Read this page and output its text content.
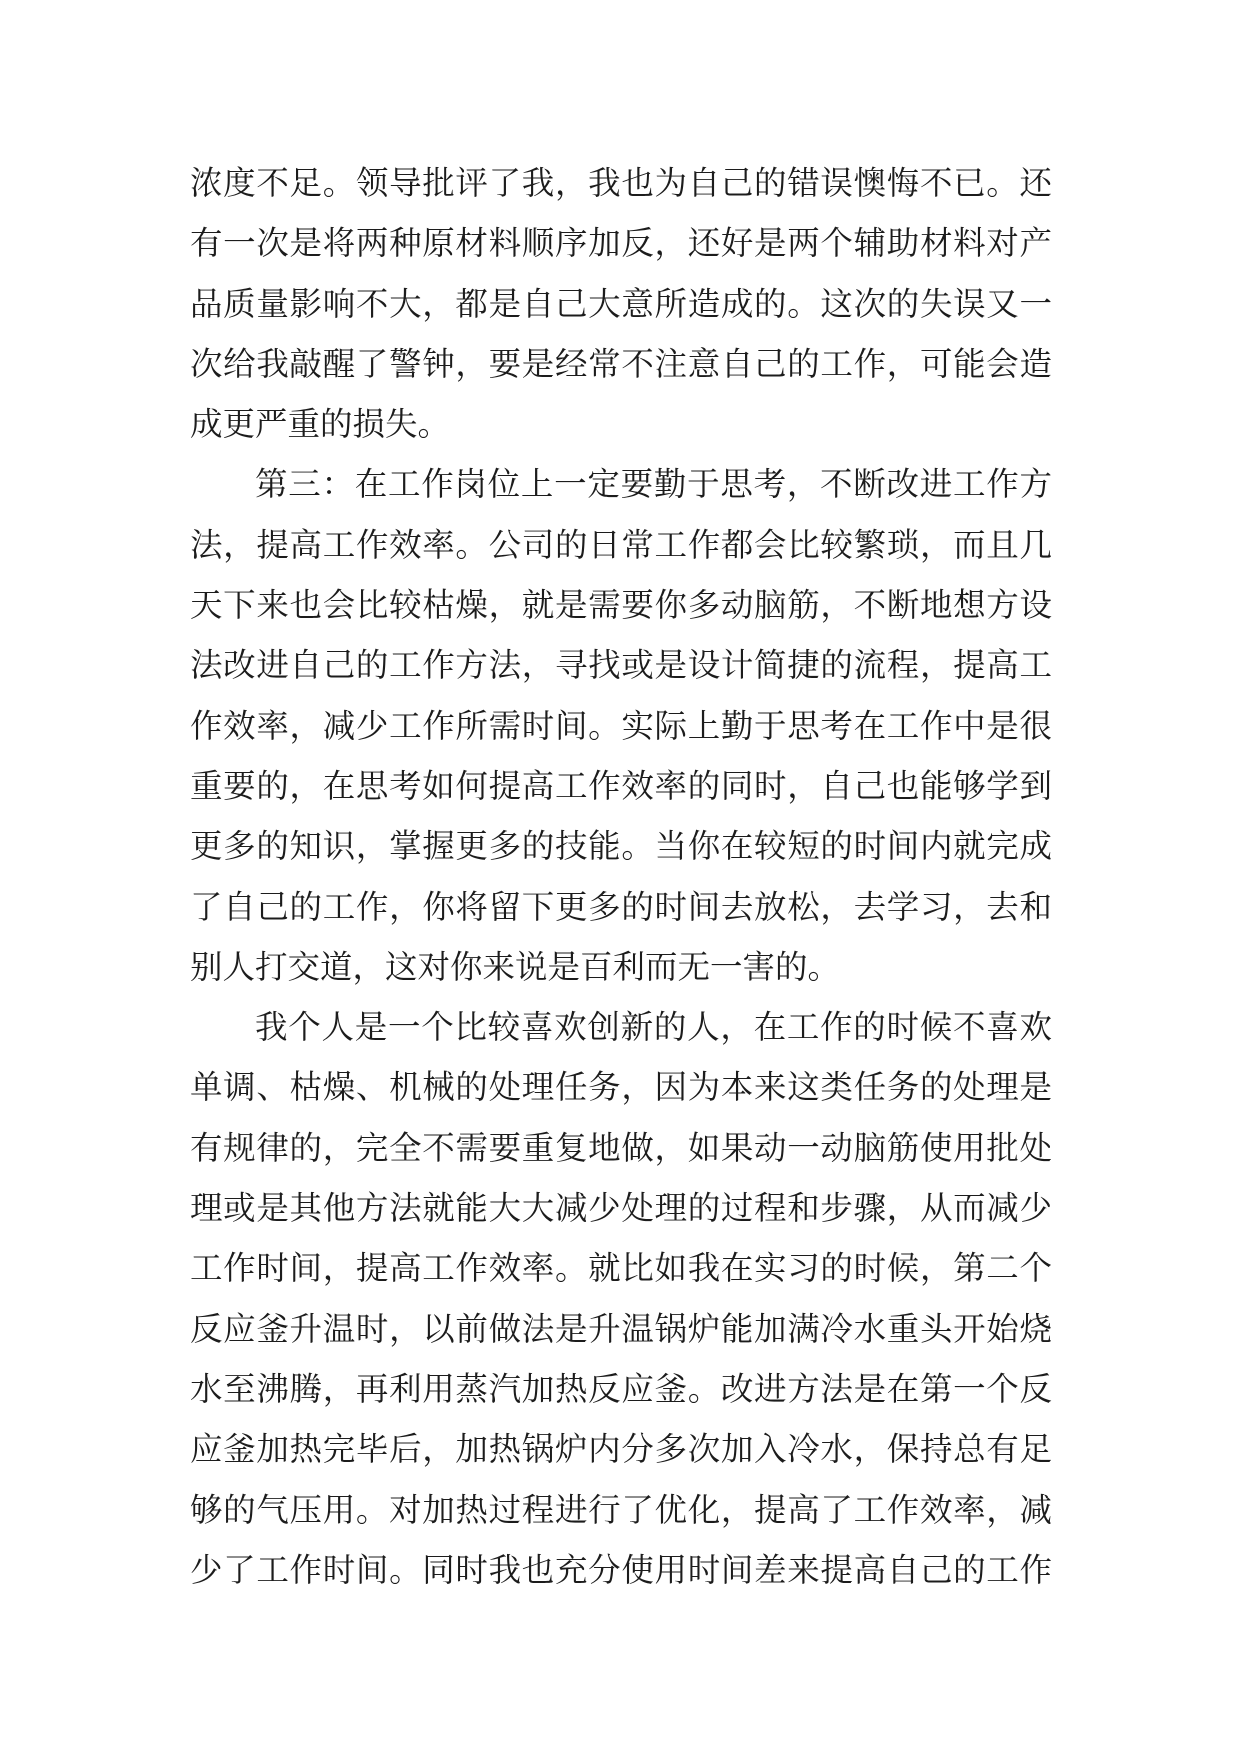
浓度不足。领导批评了我，我也为自己的错误懊悔不已。还
有一次是将两种原材料顺序加反，还好是两个辅助材料对产
品质量影响不大，都是自己大意所造成的。这次的失误又一
次给我敲醒了警钟，要是经常不注意自己的工作，可能会造
成更严重的损失。
第三：在工作岗位上一定要勤于思考，不断改进工作方
法，提高工作效率。公司的日常工作都会比较繁琐，而且几
天下来也会比较枯燥，就是需要你多动脑筋，不断地想方设
法改进自己的工作方法，寻找或是设计简捷的流程，提高工
作效率，减少工作所需时间。实际上勤于思考在工作中是很
重要的，在思考如何提高工作效率的同时，自己也能够学到
更多的知识，掌握更多的技能。当你在较短的时间内就完成
了自己的工作，你将留下更多的时间去放松，去学习，去和
别人打交道，这对你来说是百利而无一害的。
我个人是一个比较喜欢创新的人，在工作的时候不喜欢
单调、枯燥、机械的处理任务，因为本来这类任务的处理是
有规律的，完全不需要重复地做，如果动一动脑筋使用批处
理或是其他方法就能大大减少处理的过程和步骤，从而减少
工作时间，提高工作效率。就比如我在实习的时候，第二个
反应釜升温时，以前做法是升温锅炉能加满冷水重头开始烧
水至沸腾，再利用蒸汽加热反应釜。改进方法是在第一个反
应釜加热完毕后，加热锅炉内分多次加入冷水，保持总有足
够的气压用。对加热过程进行了优化，提高了工作效率，减
少了工作时间。同时我也充分使用时间差来提高自己的工作
